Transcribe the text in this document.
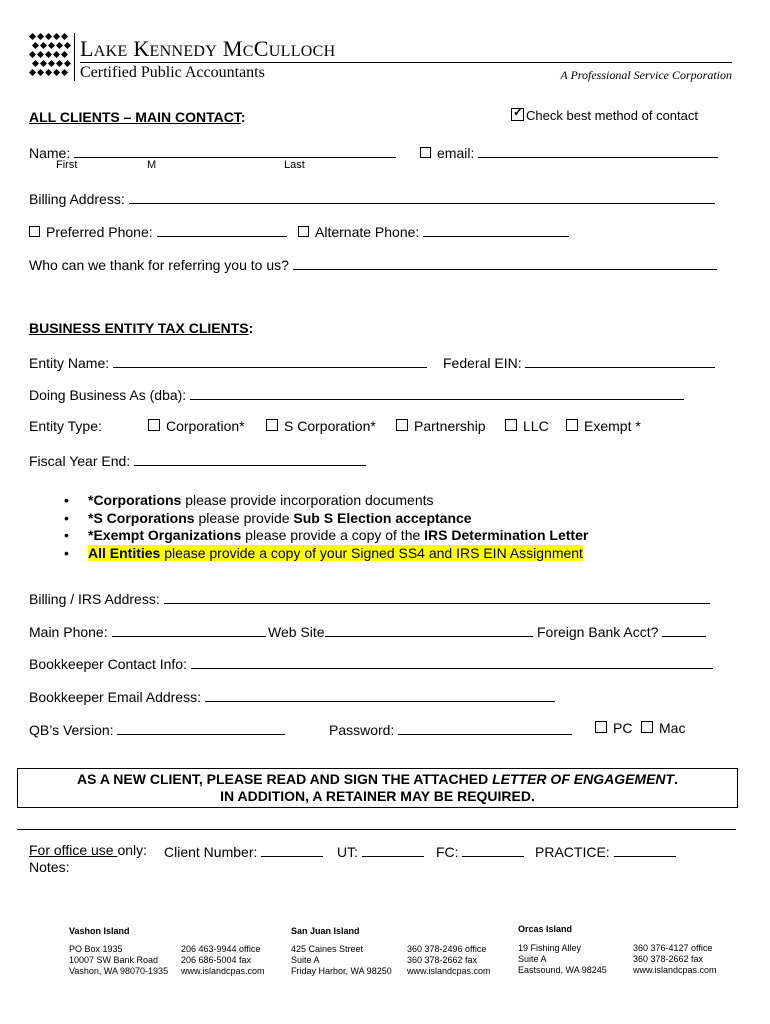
LAKE KENNEDY MCCULLOCH
Certified Public Accountants	A Professional Service Corporation
ALL CLIENTS – MAIN CONTACT:	✓ Check best method of contact
Name:	email:
First	M	Last
Billing Address:
Preferred Phone:	Alternate Phone:
Who can we thank for referring you to us?
BUSINESS ENTITY TAX CLIENTS:
Entity Name:	Federal EIN:
Doing Business As (dba):
Entity Type:	Corporation*	S Corporation*	Partnership	LLC	Exempt *
Fiscal Year End:
• *Corporations please provide incorporation documents
• *S Corporations please provide Sub S Election acceptance
• *Exempt Organizations please provide a copy of the IRS Determination Letter
• All Entities please provide a copy of your Signed SS4 and IRS EIN Assignment
Billing / IRS Address:
Main Phone:	Web Site	Foreign Bank Acct?
Bookkeeper Contact Info:
Bookkeeper Email Address:
QB’s Version:	Password:	PC	Mac
AS A NEW CLIENT, PLEASE READ AND SIGN THE ATTACHED LETTER OF ENGAGEMENT.
IN ADDITION, A RETAINER MAY BE REQUIRED.
For office use only: Client Number:	UT:	FC:	PRACTICE:
Notes:
Vashon Island
PO Box 1935
10007 SW Bank Road
Vashon, WA 98070-1935
206 463-9944 office
206 686-5004 fax
www.islandcpas.com
San Juan Island
425 Caines Street
Suite A
Friday Harbor, WA 98250
360 378-2496 office
360 378-2662 fax
www.islandcpas.com
Orcas Island
19 Fishing Alley
Suite A
Eastsound, WA 98245
360 376-4127 office
360 378-2662 fax
www.islandcpas.com
